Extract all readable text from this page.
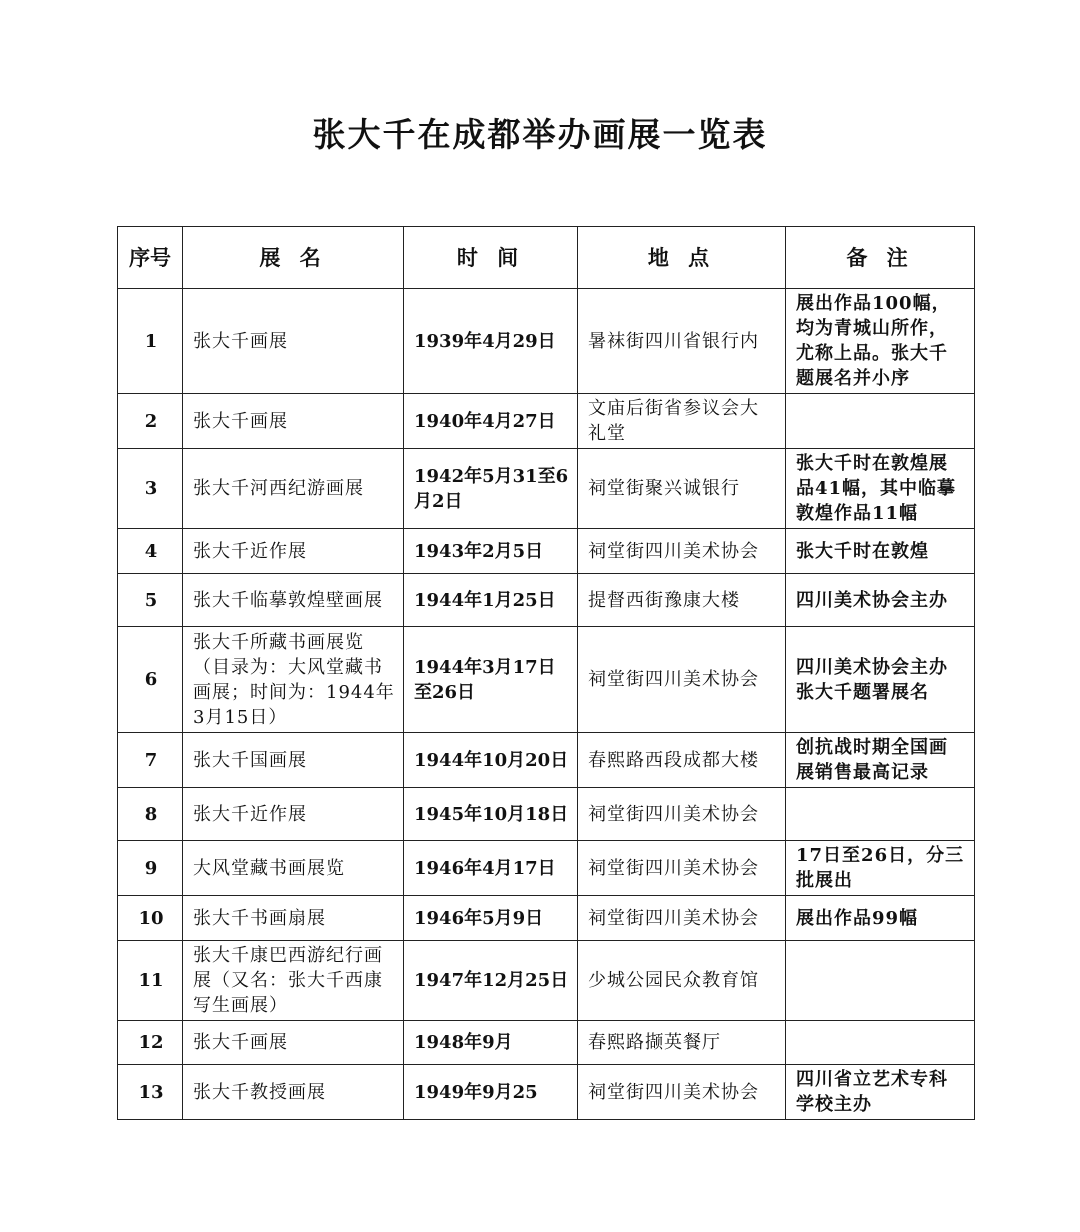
张大千在成都举办画展一览表
序号	展 名	时 间	地 点	备 注
1	张大千画展	1939年4月29日	暑袜街四川省银行内	展出作品100幅，均为青城山所作，尤称上品。张大千题展名并小序
2	张大千画展	1940年4月27日	文庙后街省参议会大礼堂	
3	张大千河西纪游画展	1942年5月31至6月2日	祠堂街聚兴诚银行	张大千时在敦煌展品41幅，其中临摹敦煌作品11幅
4	张大千近作展	1943年2月5日	祠堂街四川美术协会	张大千时在敦煌
5	张大千临摹敦煌壁画展	1944年1月25日	提督西街豫康大楼	四川美术协会主办
6	张大千所藏书画展览（目录为：大风堂藏书画展；时间为：1944年3月15日）	1944年3月17日至26日	祠堂街四川美术协会	四川美术协会主办张大千题署展名
7	张大千国画展	1944年10月20日	春熙路西段成都大楼	创抗战时期全国画展销售最高记录
8	张大千近作展	1945年10月18日	祠堂街四川美术协会	
9	大风堂藏书画展览	1946年4月17日	祠堂街四川美术协会	17日至26日，分三批展出
10	张大千书画扇展	1946年5月9日	祠堂街四川美术协会	展出作品99幅
11	张大千康巴西游纪行画展（又名：张大千西康写生画展）	1947年12月25日	少城公园民众教育馆	
12	张大千画展	1948年9月	春熙路撷英餐厅	
13	张大千教授画展	1949年9月25	祠堂街四川美术协会	四川省立艺术专科学校主办
